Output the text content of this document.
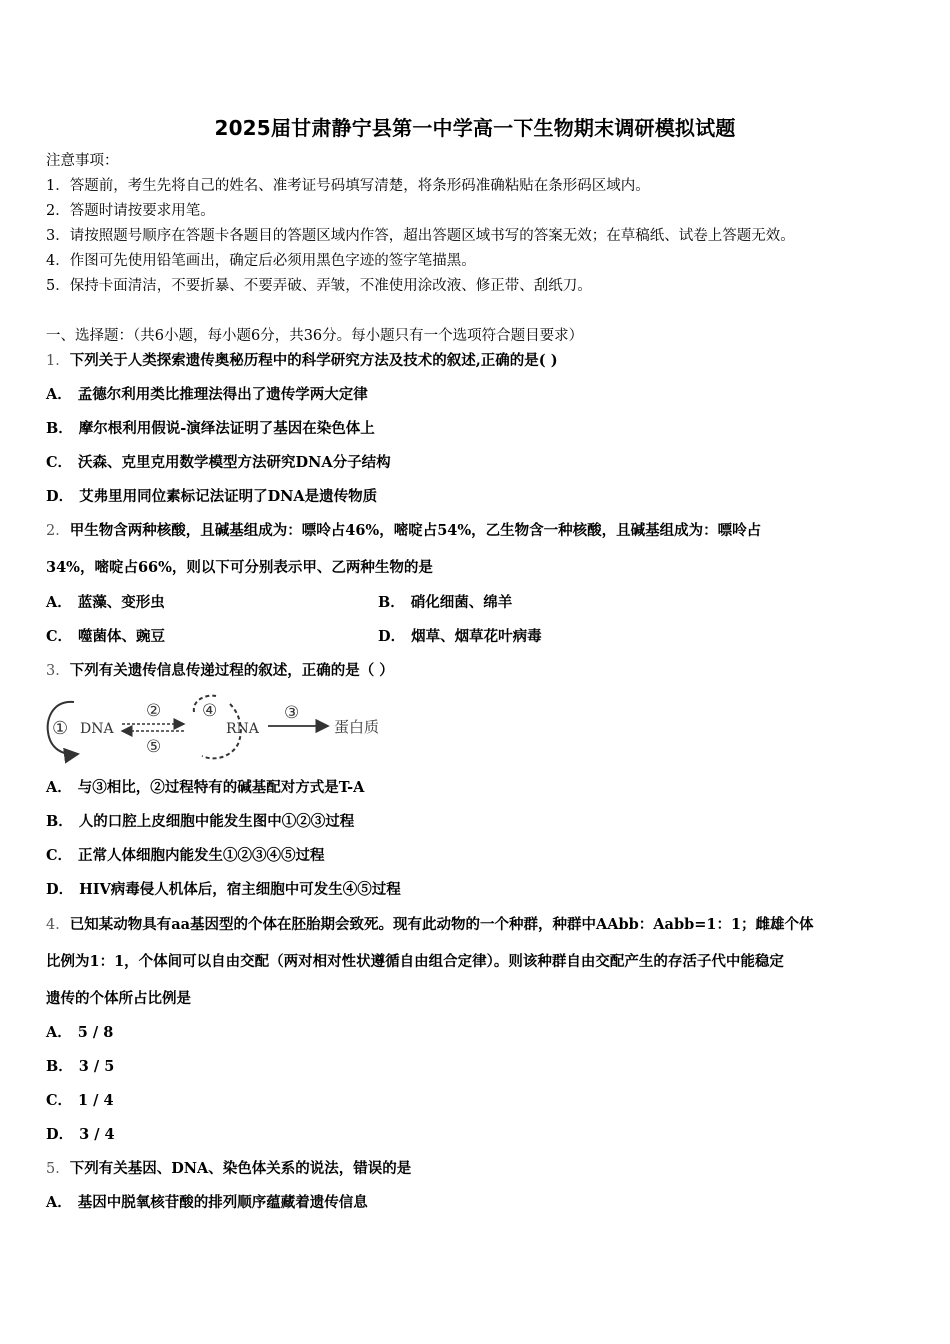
2025届甘肃静宁县第一中学高一下生物期末调研模拟试题
注意事项：
1．答题前，考生先将自己的姓名、准考证号码填写清楚，将条形码准确粘贴在条形码区域内。
2．答题时请按要求用笔。
3．请按照题号顺序在答题卡各题目的答题区域内作答，超出答题区域书写的答案无效；在草稿纸、试卷上答题无效。
4．作图可先使用铅笔画出，确定后必须用黑色字迹的签字笔描黑。
5．保持卡面清洁，不要折暴、不要弄破、弄皱，不准使用涂改液、修正带、刮纸刀。
一、选择题：（共6小题，每小题6分，共36分。每小题只有一个选项符合题目要求）
1．下列关于人类探索遗传奥秘历程中的科学研究方法及技术的叙述,正确的是( )
A． 孟德尔利用类比推理法得出了遗传学两大定律
B． 摩尔根利用假说-演绎法证明了基因在染色体上
C． 沃森、克里克用数学模型方法研究DNA分子结构
D． 艾弗里用同位素标记法证明了DNA是遗传物质
2．甲生物含两种核酸，且碱基组成为：嘌呤占46%，嘧啶占54%，乙生物含一种核酸，且碱基组成为：嘌呤占
34%，嘧啶占66%，则以下可分别表示甲、乙两种生物的是
A． 蓝藻、变形虫	B． 硝化细菌、绵羊
C． 噬菌体、豌豆	D． 烟草、烟草花叶病毒
3．下列有关遗传信息传递过程的叙述，正确的是（ ）
① DNA
②
⑤
④
RNA
③
蛋白质
A． 与③相比，②过程特有的碱基配对方式是T-A
B． 人的口腔上皮细胞中能发生图中①②③过程
C． 正常人体细胞内能发生①②③④⑤过程
D． HIV病毒侵人机体后，宿主细胞中可发生④⑤过程
4．已知某动物具有aa基因型的个体在胚胎期会致死。现有此动物的一个种群，种群中AAbb：Aabb=1：1；雌雄个体
比例为1：1，个体间可以自由交配（两对相对性状遵循自由组合定律）。则该种群自由交配产生的存活子代中能稳定
遗传的个体所占比例是
A． 5 / 8
B． 3 / 5
C． 1 / 4
D． 3 / 4
5．下列有关基因、DNA、染色体关系的说法，错误的是
A． 基因中脱氧核苷酸的排列顺序蕴藏着遗传信息
